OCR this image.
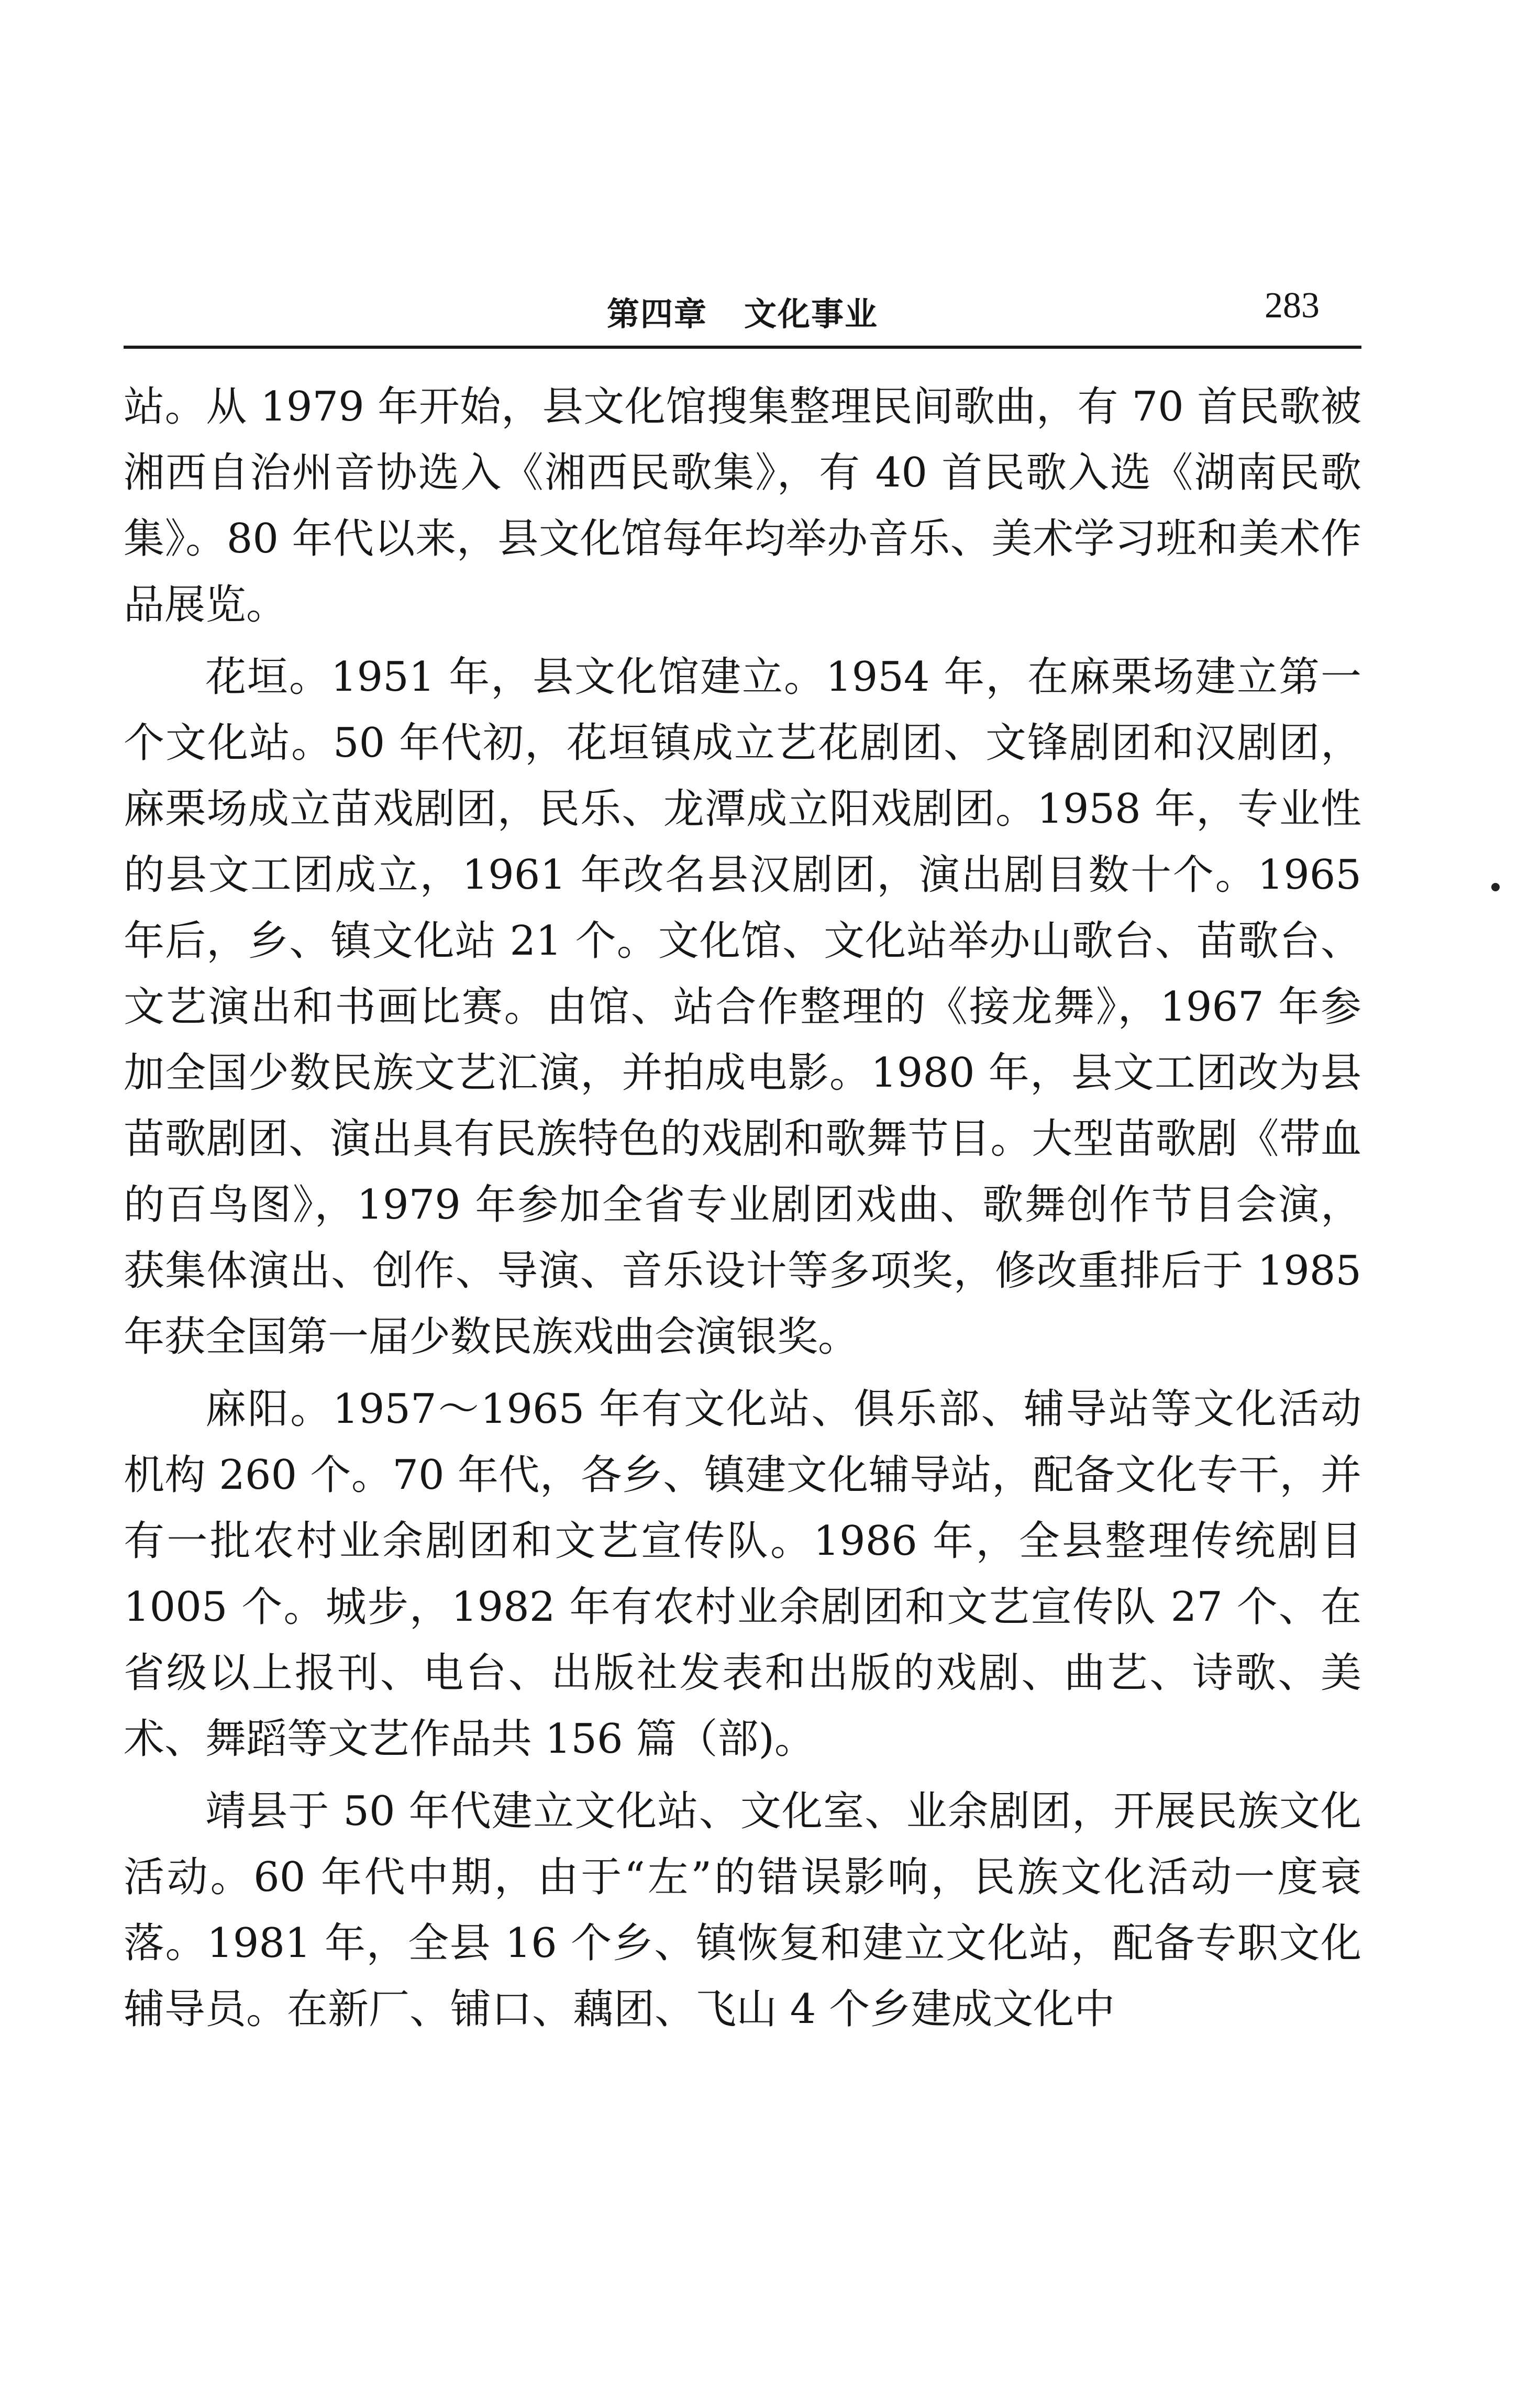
第四章 文化事业	283

站。从 1979 年开始，县文化馆搜集整理民间歌曲，有 70 首民歌被湘西自治州音协选入《湘西民歌集》，有 40 首民歌入选《湖南民歌集》。80 年代以来，县文化馆每年均举办音乐、美术学习班和美术作品展览。

花垣。1951 年，县文化馆建立。1954 年，在麻栗场建立第一个文化站。50 年代初，花垣镇成立艺花剧团、文锋剧团和汉剧团，麻栗场成立苗戏剧团，民乐、龙潭成立阳戏剧团。1958 年，专业性的县文工团成立，1961 年改名县汉剧团，演出剧目数十个。1965 年后，乡、镇文化站 21 个。文化馆、文化站举办山歌台、苗歌台、文艺演出和书画比赛。由馆、站合作整理的《接龙舞》，1967 年参加全国少数民族文艺汇演，并拍成电影。1980 年，县文工团改为县苗歌剧团、演出具有民族特色的戏剧和歌舞节目。大型苗歌剧《带血的百鸟图》，1979 年参加全省专业剧团戏曲、歌舞创作节目会演，获集体演出、创作、导演、音乐设计等多项奖，修改重排后于 1985 年获全国第一届少数民族戏曲会演银奖。

麻阳。1957～1965 年有文化站、俱乐部、辅导站等文化活动机构 260 个。70 年代，各乡、镇建文化辅导站，配备文化专干，并有一批农村业余剧团和文艺宣传队。1986 年，全县整理传统剧目 1005 个。城步，1982 年有农村业余剧团和文艺宣传队 27 个、在省级以上报刊、电台、出版社发表和出版的戏剧、曲艺、诗歌、美术、舞蹈等文艺作品共 156 篇（部)。

靖县于 50 年代建立文化站、文化室、业余剧团，开展民族文化活动。60 年代中期，由于“左”的错误影响，民族文化活动一度衰落。1981 年，全县 16 个乡、镇恢复和建立文化站，配备专职文化辅导员。在新厂、铺口、藕团、飞山 4 个乡建成文化中
